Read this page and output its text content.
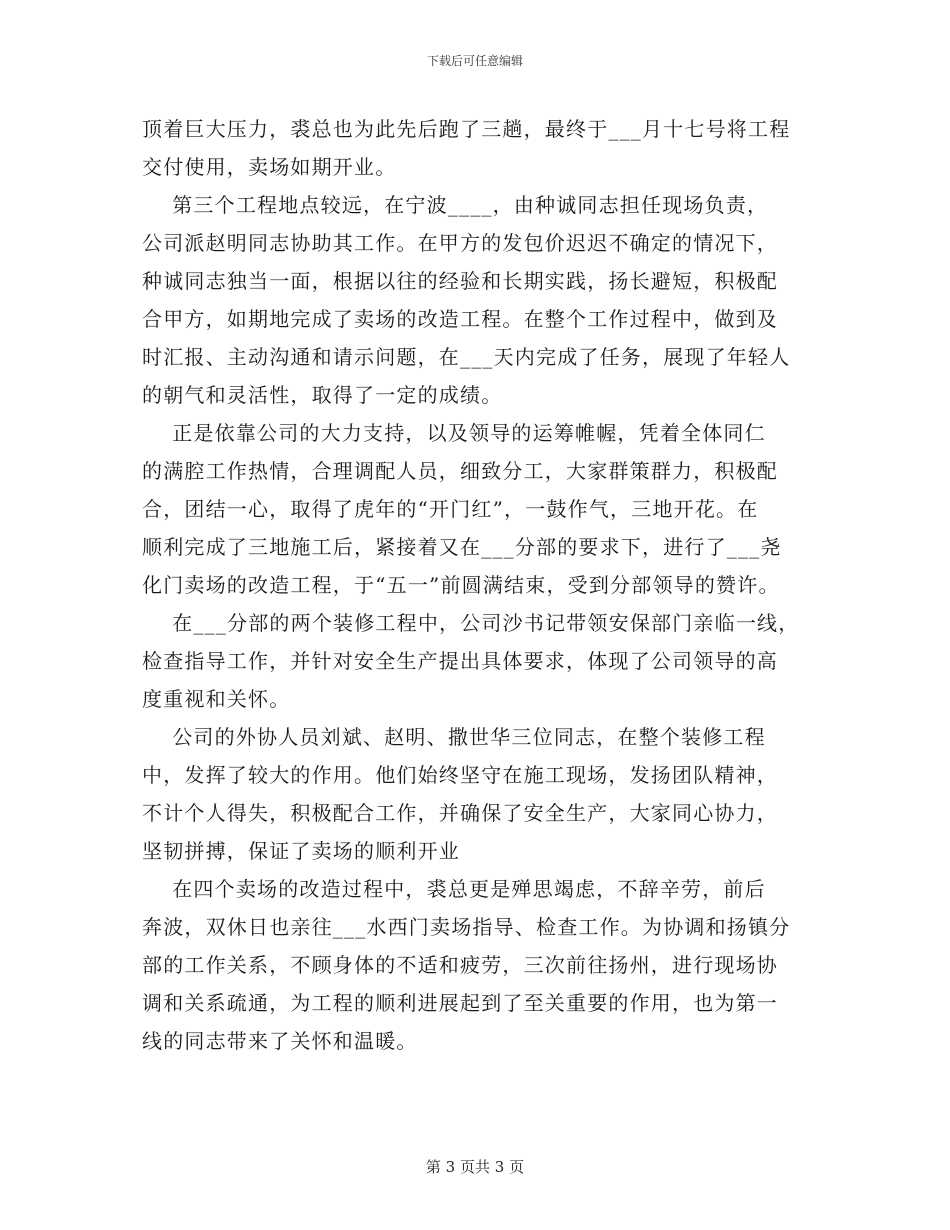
下载后可任意编辑
顶着巨大压力，裘总也为此先后跑了三趟，最终于___月十七号将工程
交付使用，卖场如期开业。
第三个工程地点较远，在宁波____，由种诚同志担任现场负责，
公司派赵明同志协助其工作。在甲方的发包价迟迟不确定的情况下，
种诚同志独当一面，根据以往的经验和长期实践，扬长避短，积极配
合甲方，如期地完成了卖场的改造工程。在整个工作过程中，做到及
时汇报、主动沟通和请示问题，在___天内完成了任务，展现了年轻人
的朝气和灵活性，取得了一定的成绩。
正是依靠公司的大力支持，以及领导的运筹帷幄，凭着全体同仁
的满腔工作热情，合理调配人员，细致分工，大家群策群力，积极配
合，团结一心，取得了虎年的“开门红”，一鼓作气，三地开花。在
顺利完成了三地施工后，紧接着又在___分部的要求下，进行了___尧
化门卖场的改造工程，于“五一”前圆满结束，受到分部领导的赞许。
在___分部的两个装修工程中，公司沙书记带领安保部门亲临一线，
检查指导工作，并针对安全生产提出具体要求，体现了公司领导的高
度重视和关怀。
公司的外协人员刘斌、赵明、撒世华三位同志，在整个装修工程
中，发挥了较大的作用。他们始终坚守在施工现场，发扬团队精神，
不计个人得失，积极配合工作，并确保了安全生产，大家同心协力，
坚韧拼搏，保证了卖场的顺利开业
在四个卖场的改造过程中，裘总更是殚思竭虑，不辞辛劳，前后
奔波，双休日也亲往___水西门卖场指导、检查工作。为协调和扬镇分
部的工作关系，不顾身体的不适和疲劳，三次前往扬州，进行现场协
调和关系疏通，为工程的顺利进展起到了至关重要的作用，也为第一
线的同志带来了关怀和温暖。
第 3 页共 3 页
